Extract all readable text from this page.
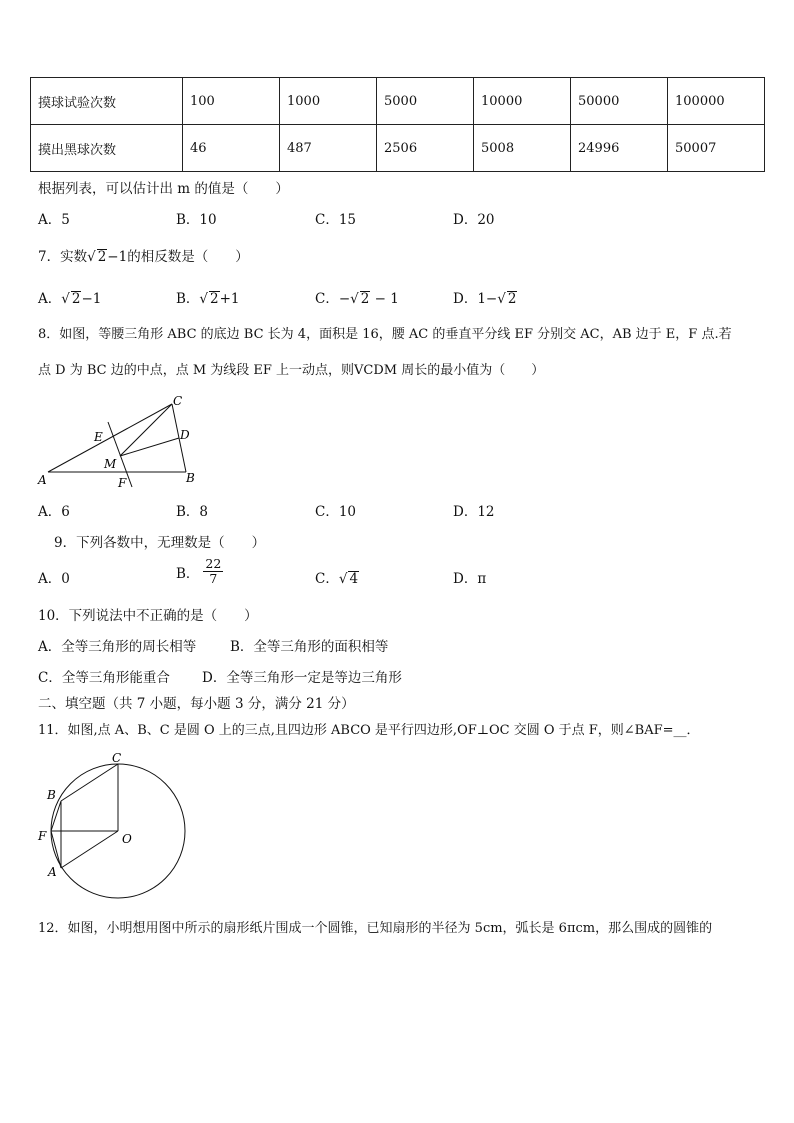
摸球试验次数	100	1000	5000	10000	50000	100000
摸出黑球次数	46	487	2506	5008	24996	50007
根据列表，可以估计出 m 的值是（　　）
A．5	B．10	C．15	D．20
7．实数√ 2−1的相反数是（　　）
A．√ 2−1	B．√ 2+1	C．−√ 2 − 1	D．1−√ 2
8．如图，等腰三角形 ABC 的底边 BC 长为 4，面积是 16，腰 AC 的垂直平分线 EF 分别交 AC，AB 边于 E，F 点.若
点 D 为 BC 边的中点，点 M 为线段 EF 上一动点，则VCDM 周长的最小值为（　　）
C
E	D
M
A	F	B
A．6	B．8	C．10	D．12
9．下列各数中，无理数是（　　）
A．0	B． $\frac{22}{7}$	C．√ 4	D．π
10．下列说法中不正确的是（　　）
A．全等三角形的周长相等	B．全等三角形的面积相等
C．全等三角形能重合 D．全等三角形一定是等边三角形
二、填空题（共 7 小题，每小题 3 分，满分 21 分）
11．如图,点 A、B、C 是圆 O 上的三点,且四边形 ABCO 是平行四边形,OF⊥OC 交圆 O 于点 F，则∠BAF=__．
C
B
F	O
A
12．如图，小明想用图中所示的扇形纸片围成一个圆锥，已知扇形的半径为 5cm，弧长是 6πcm，那么围成的圆锥的
